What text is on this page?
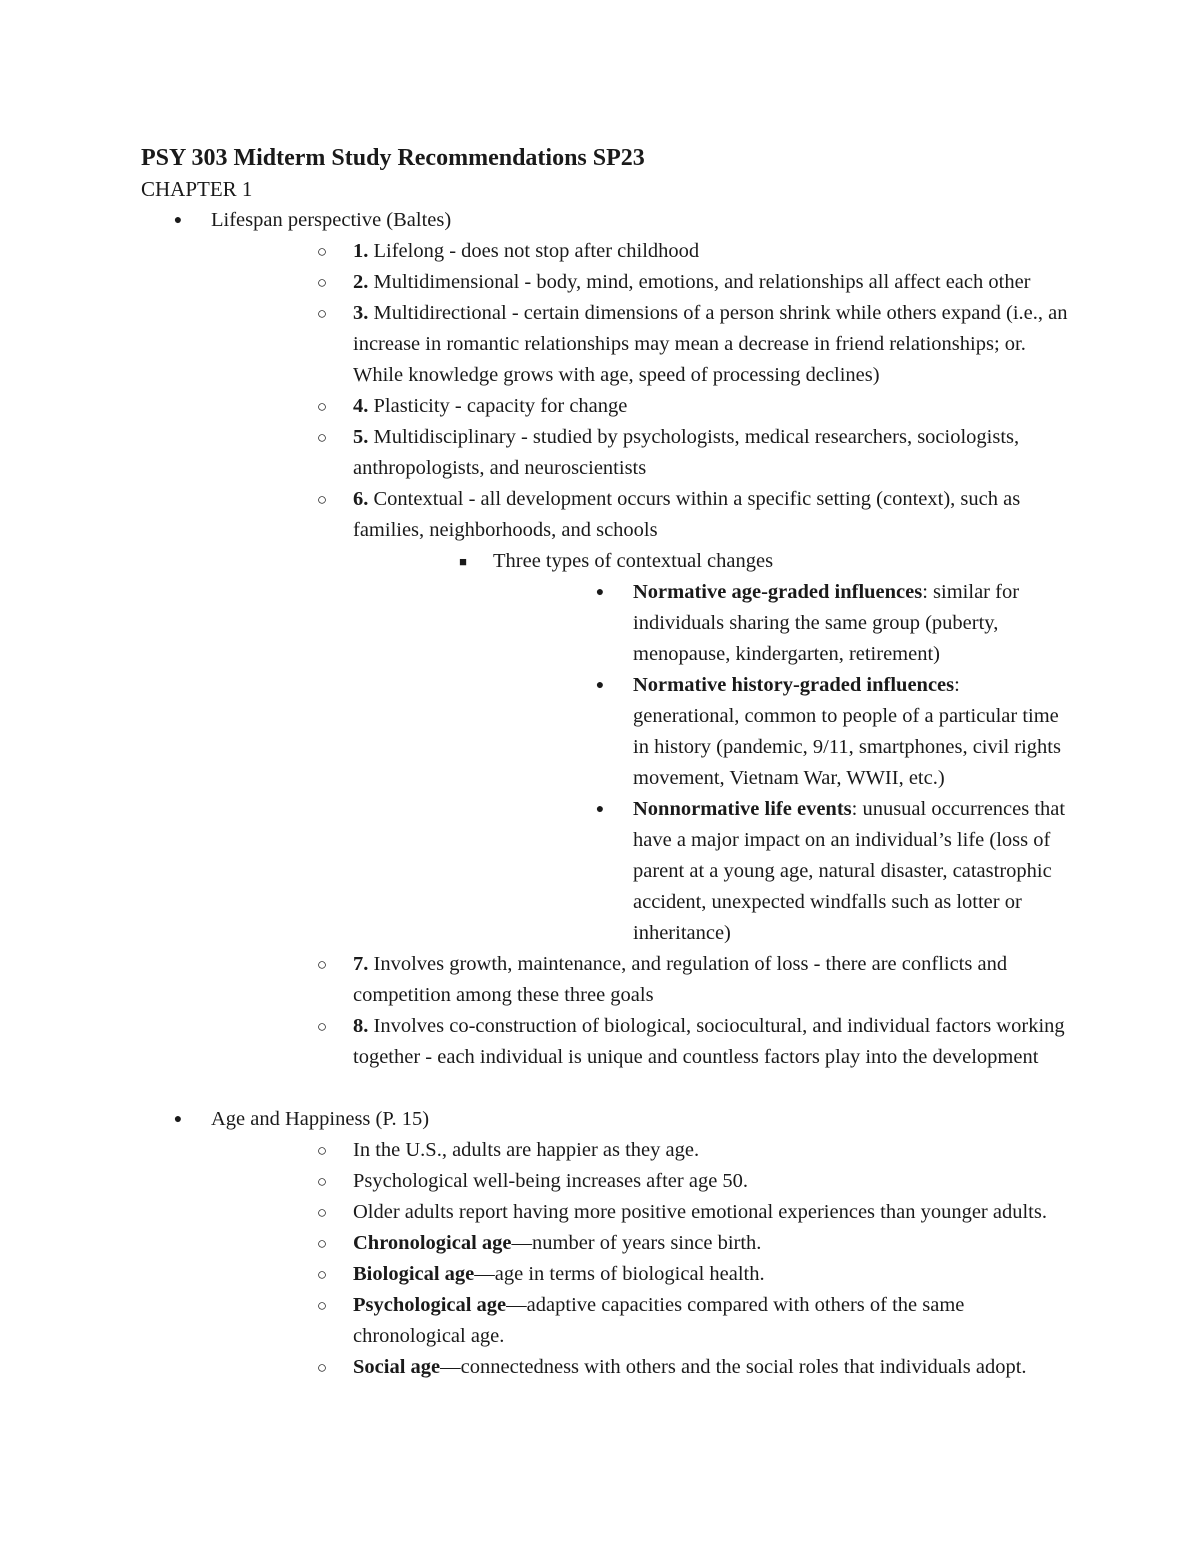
PSY 303 Midterm Study Recommendations SP23

CHAPTER 1

● Lifespan perspective (Baltes)
○ 1. Lifelong - does not stop after childhood
○ 2. Multidimensional - body, mind, emotions, and relationships all affect each other
○ 3. Multidirectional - certain dimensions of a person shrink while others expand (i.e., an increase in romantic relationships may mean a decrease in friend relationships; or. While knowledge grows with age, speed of processing declines)
○ 4. Plasticity - capacity for change
○ 5. Multidisciplinary - studied by psychologists, medical researchers, sociologists, anthropologists, and neuroscientists
○ 6. Contextual - all development occurs within a specific setting (context), such as families, neighborhoods, and schools
■ Three types of contextual changes
● Normative age-graded influences: similar for individuals sharing the same group (puberty, menopause, kindergarten, retirement)
● Normative history-graded influences: generational, common to people of a particular time in history (pandemic, 9/11, smartphones, civil rights movement, Vietnam War, WWII, etc.)
● Nonnormative life events: unusual occurrences that have a major impact on an individual’s life (loss of parent at a young age, natural disaster, catastrophic accident, unexpected windfalls such as lotter or inheritance)
○ 7. Involves growth, maintenance, and regulation of loss - there are conflicts and competition among these three goals
○ 8. Involves co-construction of biological, sociocultural, and individual factors working together - each individual is unique and countless factors play into the development
● Age and Happiness (P. 15)
○ In the U.S., adults are happier as they age.
○ Psychological well-being increases after age 50.
○ Older adults report having more positive emotional experiences than younger adults.
○ Chronological age—number of years since birth.
○ Biological age—age in terms of biological health.
○ Psychological age—adaptive capacities compared with others of the same chronological age.
○ Social age—connectedness with others and the social roles that individuals adopt.
